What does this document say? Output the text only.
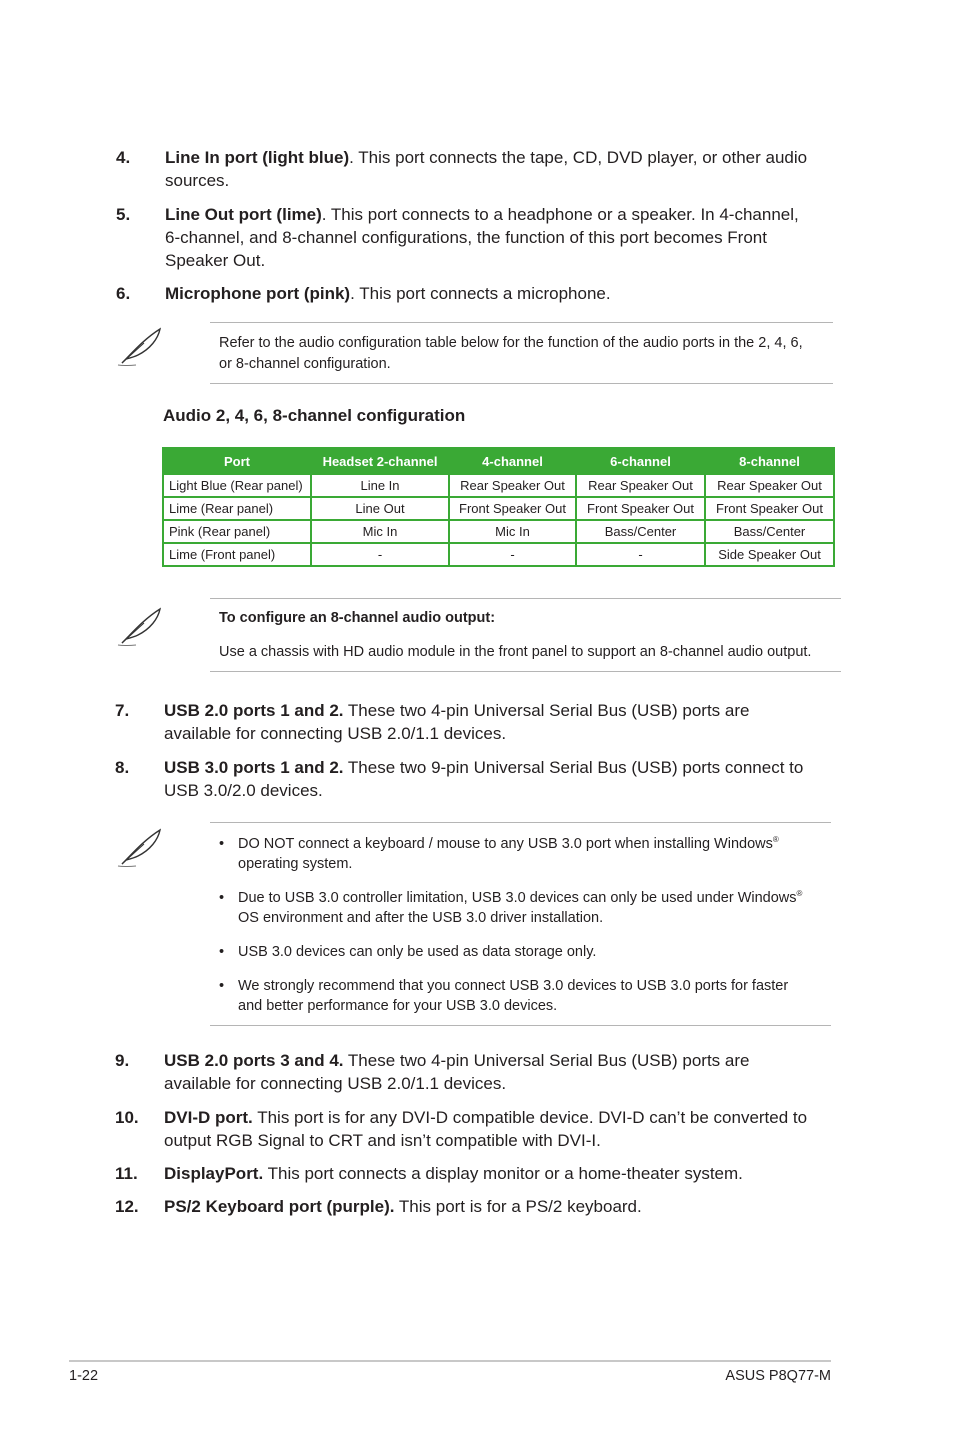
4. Line In port (light blue). This port connects the tape, CD, DVD player, or other audio
sources.
5. Line Out port (lime). This port connects to a headphone or a speaker. In 4-channel,
6-channel, and 8-channel configurations, the function of this port becomes Front
Speaker Out.
6. Microphone port (pink). This port connects a microphone.
Refer to the audio configuration table below for the function of the audio ports in the 2, 4, 6,
or 8-channel configuration.
Audio 2, 4, 6, 8-channel configuration
Port	Headset 2-channel	4-channel	6-channel	8-channel
Light Blue (Rear panel)	Line In	Rear Speaker Out	Rear Speaker Out	Rear Speaker Out
Lime (Rear panel)	Line Out	Front Speaker Out	Front Speaker Out	Front Speaker Out
Pink (Rear panel)	Mic In	Mic In	Bass/Center	Bass/Center
Lime (Front panel)	-	-	-	Side Speaker Out
To configure an 8-channel audio output:
Use a chassis with HD audio module in the front panel to support an 8-channel audio output.
7. USB 2.0 ports 1 and 2. These two 4-pin Universal Serial Bus (USB) ports are
available for connecting USB 2.0/1.1 devices.
8. USB 3.0 ports 1 and 2. These two 9-pin Universal Serial Bus (USB) ports connect to
USB 3.0/2.0 devices.
• DO NOT connect a keyboard / mouse to any USB 3.0 port when installing Windows®
operating system.
• Due to USB 3.0 controller limitation, USB 3.0 devices can only be used under Windows®
OS environment and after the USB 3.0 driver installation.
• USB 3.0 devices can only be used as data storage only.
• We strongly recommend that you connect USB 3.0 devices to USB 3.0 ports for faster
and better performance for your USB 3.0 devices.
9. USB 2.0 ports 3 and 4. These two 4-pin Universal Serial Bus (USB) ports are
available for connecting USB 2.0/1.1 devices.
10. DVI-D port. This port is for any DVI-D compatible device. DVI-D can’t be converted to
output RGB Signal to CRT and isn’t compatible with DVI-I.
11. DisplayPort. This port connects a display monitor or a home-theater system.
12. PS/2 Keyboard port (purple). This port is for a PS/2 keyboard.
1-22	ASUS P8Q77-M
